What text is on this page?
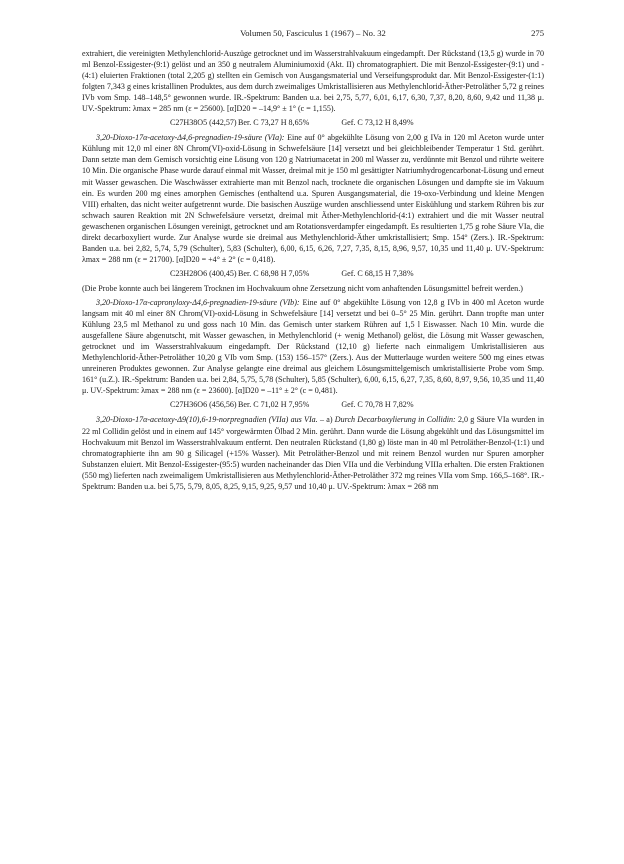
Volumen 50, Fasciculus 1 (1967) – No. 32	275

extrahiert, die vereinigten Methylenchlorid-Auszüge getrocknet und im Wasserstrahlvakuum eingedampft. Der Rückstand (13,5 g) wurde in 70 ml Benzol-Essigester-(9:1) gelöst und an 350 g neutralem Aluminiumoxid (Akt. II) chromatographiert. Die mit Benzol-Essigester-(9:1) und -(4:1) eluierten Fraktionen (total 2,205 g) stellten ein Gemisch von Ausgangsmaterial und Verseifungsprodukt dar. Mit Benzol-Essigester-(1:1) folgten 7,343 g eines kristallinen Produktes, aus dem durch zweimaliges Umkristallisieren aus Methylenchlorid-Äther-Petroläther 5,72 g reines IVb vom Smp. 148–148,5° gewonnen wurde. IR.-Spektrum: Banden u.a. bei 2,75, 5,77, 6,01, 6,17, 6,30, 7,37, 8,20, 8,60, 9,42 und 11,38 μ. UV.-Spektrum: λmax = 285 nm (ε = 25600). [α]D20 = –14,9° ± 1° (c = 1,155).

C27H38O5 (442,57) Ber. C 73,27 H 8,65%	Gef. C 73,12 H 8,49%

3,20-Dioxo-17α-acetoxy-Δ4,6-pregnadien-19-säure (VIa): Eine auf 0° abgekühlte Lösung von 2,00 g IVa in 120 ml Aceton wurde unter Kühlung mit 12,0 ml einer 8N Chrom(VI)-oxid-Lösung in Schwefelsäure [14] versetzt und bei gleichbleibender Temperatur 1 Std. gerührt. Dann setzte man dem Gemisch vorsichtig eine Lösung von 120 g Natriumacetat in 200 ml Wasser zu, verdünnte mit Benzol und rührte weitere 10 Min. Die organische Phase wurde darauf einmal mit Wasser, dreimal mit je 150 ml gesättigter Natriumhydrogencarbonat-Lösung und erneut mit Wasser gewaschen. Die Waschwässer extrahierte man mit Benzol nach, trocknete die organischen Lösungen und dampfte sie im Vakuum ein. Es wurden 200 mg eines amorphen Gemisches (enthaltend u.a. Spuren Ausgangsmaterial, die 19-oxo-Verbindung und kleine Mengen VIII) erhalten, das nicht weiter aufgetrennt wurde. Die basischen Auszüge wurden anschliessend unter Eiskühlung und starkem Rühren bis zur schwach sauren Reaktion mit 2N Schwefelsäure versetzt, dreimal mit Äther-Methylenchlorid-(4:1) extrahiert und die mit Wasser neutral gewaschenen organischen Lösungen vereinigt, getrocknet und am Rotationsverdampfer eingedampft. Es resultierten 1,75 g rohe Säure VIa, die direkt decarboxyliert wurde. Zur Analyse wurde sie dreimal aus Methylenchlorid-Äther umkristallisiert; Smp. 154° (Zers.). IR.-Spektrum: Banden u.a. bei 2,82, 5,74, 5,79 (Schulter), 5,83 (Schulter), 6,00, 6,15, 6,26, 7,27, 7,35, 8,15, 8,96, 9,57, 10,35 und 11,40 μ. UV.-Spektrum: λmax = 288 nm (ε = 21700). [α]D20 = +4° ± 2° (c = 0,418).

C23H28O6 (400,45) Ber. C 68,98 H 7,05%	Gef. C 68,15 H 7,38%

(Die Probe konnte auch bei längerem Trocknen im Hochvakuum ohne Zersetzung nicht vom anhaftenden Lösungsmittel befreit werden.)

3,20-Dioxo-17α-capronyloxy-Δ4,6-pregnadien-19-säure (VIb): Eine auf 0° abgekühlte Lösung von 12,8 g IVb in 400 ml Aceton wurde langsam mit 40 ml einer 8N Chrom(VI)-oxid-Lösung in Schwefelsäure [14] versetzt und bei 0–5° 25 Min. gerührt. Dann tropfte man unter Kühlung 23,5 ml Methanol zu und goss nach 10 Min. das Gemisch unter starkem Rühren auf 1,5 l Eiswasser. Nach 10 Min. wurde die ausgefallene Säure abgenutscht, mit Wasser gewaschen, in Methylenchlorid (+ wenig Methanol) gelöst, die Lösung mit Wasser gewaschen, getrocknet und im Wasserstrahlvakuum eingedampft. Der Rückstand (12,10 g) lieferte nach einmaligem Umkristallisieren aus Methylenchlorid-Äther-Petroläther 10,20 g VIb vom Smp. (153) 156–157° (Zers.). Aus der Mutterlauge wurden weitere 500 mg eines etwas unreineren Produktes gewonnen. Zur Analyse gelangte eine dreimal aus gleichem Lösungsmittelgemisch umkristallisierte Probe vom Smp. 161° (u.Z.). IR.-Spektrum: Banden u.a. bei 2,84, 5,75, 5,78 (Schulter), 5,85 (Schulter), 6,00, 6,15, 6,27, 7,35, 8,60, 8,97, 9,56, 10,35 und 11,40 μ. UV.-Spektrum: λmax = 288 nm (ε = 23600). [α]D20 = –11° ± 2° (c = 0,481).

C27H36O6 (456,56) Ber. C 71,02 H 7,95%	Gef. C 70,78 H 7,82%

3,20-Dioxo-17α-acetoxy-Δ9(10),6-19-norpregnadien (VIIa) aus VIa. – a) Durch Decarboxylierung in Collidin: 2,0 g Säure VIa wurden in 22 ml Collidin gelöst und in einem auf 145° vorgewärmten Ölbad 2 Min. gerührt. Dann wurde die Lösung abgekühlt und das Lösungsmittel im Hochvakuum mit Benzol im Wasserstrahlvakuum entfernt. Den neutralen Rückstand (1,80 g) löste man in 40 ml Petroläther-Benzol-(1:1) und chromatographierte ihn am 90 g Silicagel (+15% Wasser). Mit Petroläther-Benzol und mit reinem Benzol wurden nur Spuren amorpher Substanzen eluiert. Mit Benzol-Essigester-(95:5) wurden nacheinander das Dien VIIa und die Verbindung VIIIa erhalten. Die ersten Fraktionen (550 mg) lieferten nach zweimaligem Umkristallisieren aus Methylenchlorid-Äther-Petroläther 372 mg reines VIIa vom Smp. 166,5–168°. IR.-Spektrum: Banden u.a. bei 5,75, 5,79, 8,05, 8,25, 9,15, 9,25, 9,57 und 10,40 μ. UV.-Spektrum: λmax = 268 nm
